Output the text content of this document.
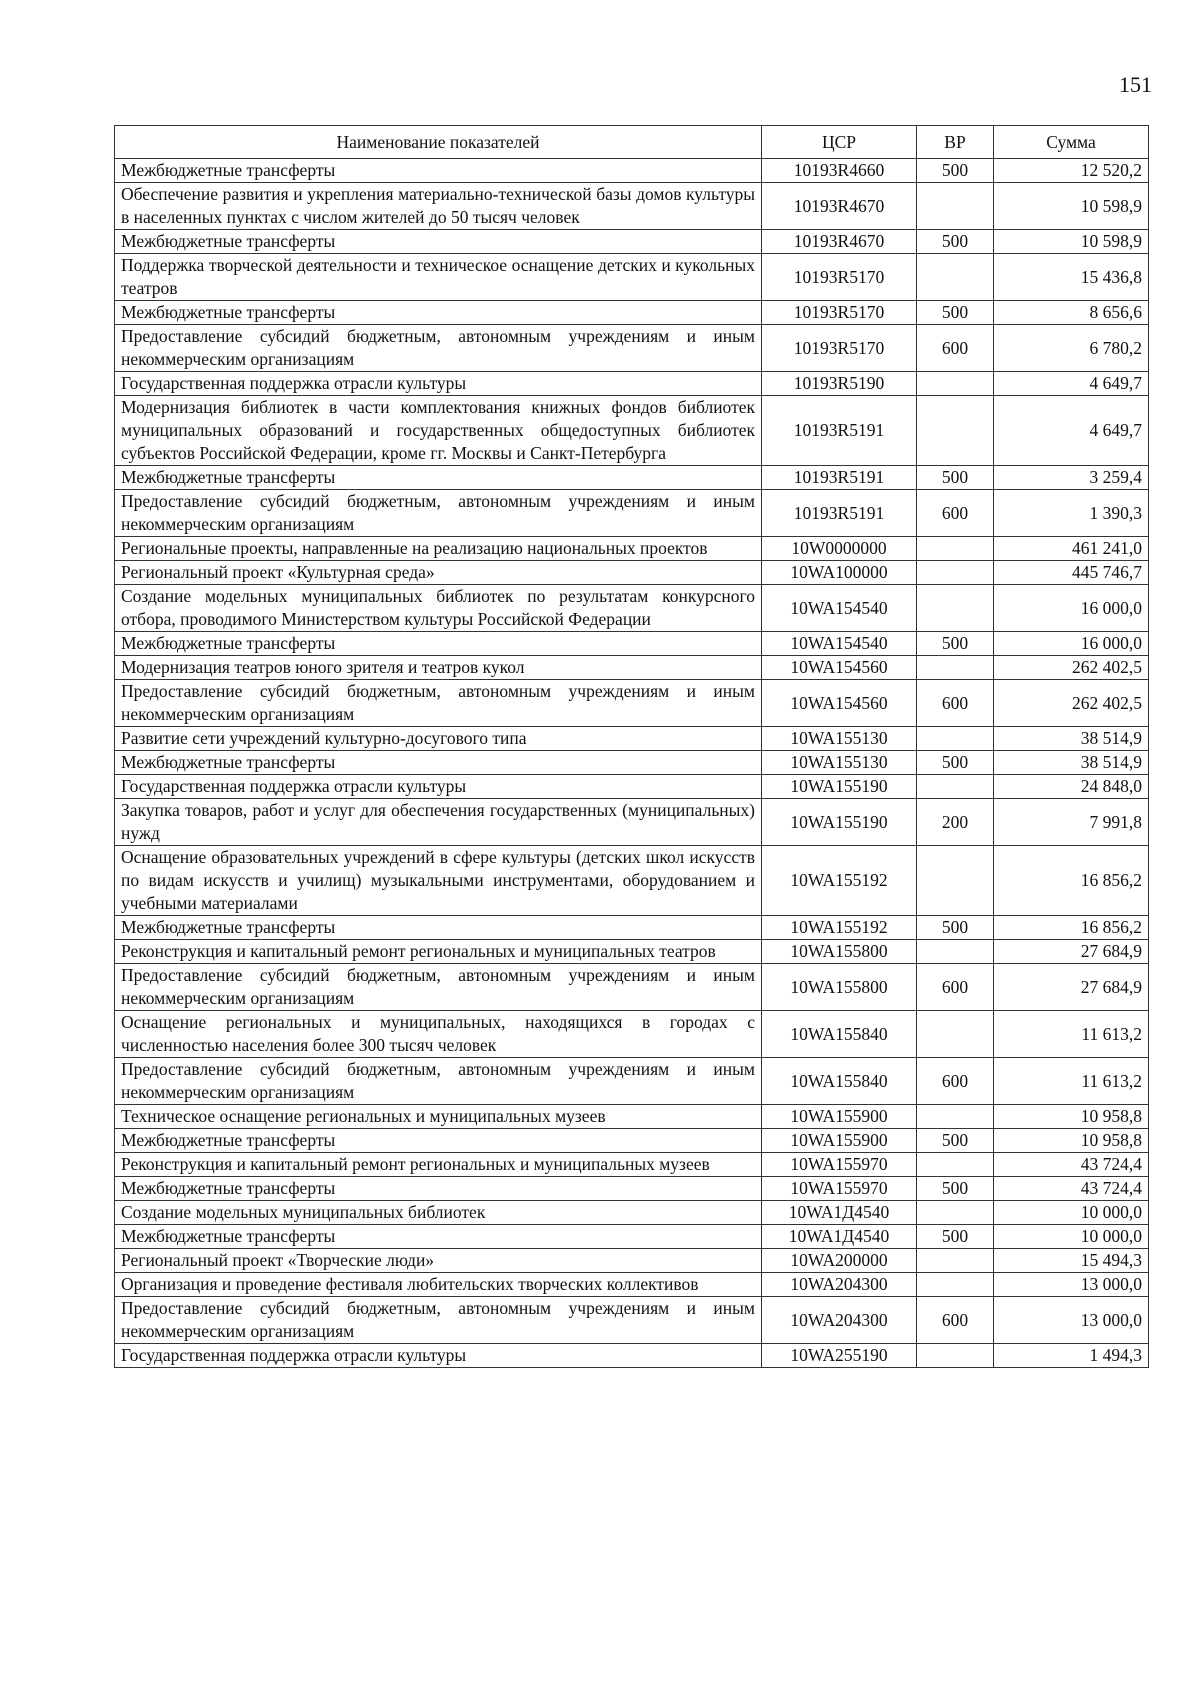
151
Наименование показателей	ЦСР	ВР	Сумма
Межбюджетные трансферты	10193R4660	500	12 520,2
Обеспечение развития и укрепления материально-технической базы домов культуры в населенных пунктах с числом жителей до 50 тысяч человек	10193R4670		10 598,9
Межбюджетные трансферты	10193R4670	500	10 598,9
Поддержка творческой деятельности и техническое оснащение детских и кукольных театров	10193R5170		15 436,8
Межбюджетные трансферты	10193R5170	500	8 656,6
Предоставление субсидий бюджетным, автономным учреждениям и иным некоммерческим организациям	10193R5170	600	6 780,2
Государственная поддержка отрасли культуры	10193R5190		4 649,7
Модернизация библиотек в части комплектования книжных фондов библиотек муниципальных образований и государственных общедоступных библиотек субъектов Российской Федерации, кроме гг. Москвы и Санкт-Петербурга	10193R5191		4 649,7
Межбюджетные трансферты	10193R5191	500	3 259,4
Предоставление субсидий бюджетным, автономным учреждениям и иным некоммерческим организациям	10193R5191	600	1 390,3
Региональные проекты, направленные на реализацию национальных проектов	10W0000000		461 241,0
Региональный проект «Культурная среда»	10WA100000		445 746,7
Создание модельных муниципальных библиотек по результатам конкурсного отбора, проводимого Министерством культуры Российской Федерации	10WA154540		16 000,0
Межбюджетные трансферты	10WA154540	500	16 000,0
Модернизация театров юного зрителя и театров кукол	10WA154560		262 402,5
Предоставление субсидий бюджетным, автономным учреждениям и иным некоммерческим организациям	10WA154560	600	262 402,5
Развитие сети учреждений культурно-досугового типа	10WA155130		38 514,9
Межбюджетные трансферты	10WA155130	500	38 514,9
Государственная поддержка отрасли культуры	10WA155190		24 848,0
Закупка товаров, работ и услуг для обеспечения государственных (муниципальных) нужд	10WA155190	200	7 991,8
Оснащение образовательных учреждений в сфере культуры (детских школ искусств по видам искусств и училищ) музыкальными инструментами, оборудованием и учебными материалами	10WA155192		16 856,2
Межбюджетные трансферты	10WA155192	500	16 856,2
Реконструкция и капитальный ремонт региональных и муниципальных театров	10WA155800		27 684,9
Предоставление субсидий бюджетным, автономным учреждениям и иным некоммерческим организациям	10WA155800	600	27 684,9
Оснащение региональных и муниципальных, находящихся в городах с численностью населения более 300 тысяч человек	10WA155840		11 613,2
Предоставление субсидий бюджетным, автономным учреждениям и иным некоммерческим организациям	10WA155840	600	11 613,2
Техническое оснащение региональных и муниципальных музеев	10WA155900		10 958,8
Межбюджетные трансферты	10WA155900	500	10 958,8
Реконструкция и капитальный ремонт региональных и муниципальных музеев	10WA155970		43 724,4
Межбюджетные трансферты	10WA155970	500	43 724,4
Создание модельных муниципальных библиотек	10WA1Д4540		10 000,0
Межбюджетные трансферты	10WA1Д4540	500	10 000,0
Региональный проект «Творческие люди»	10WA200000		15 494,3
Организация и проведение фестиваля любительских творческих коллективов	10WA204300		13 000,0
Предоставление субсидий бюджетным, автономным учреждениям и иным некоммерческим организациям	10WA204300	600	13 000,0
Государственная поддержка отрасли культуры	10WA255190		1 494,3
